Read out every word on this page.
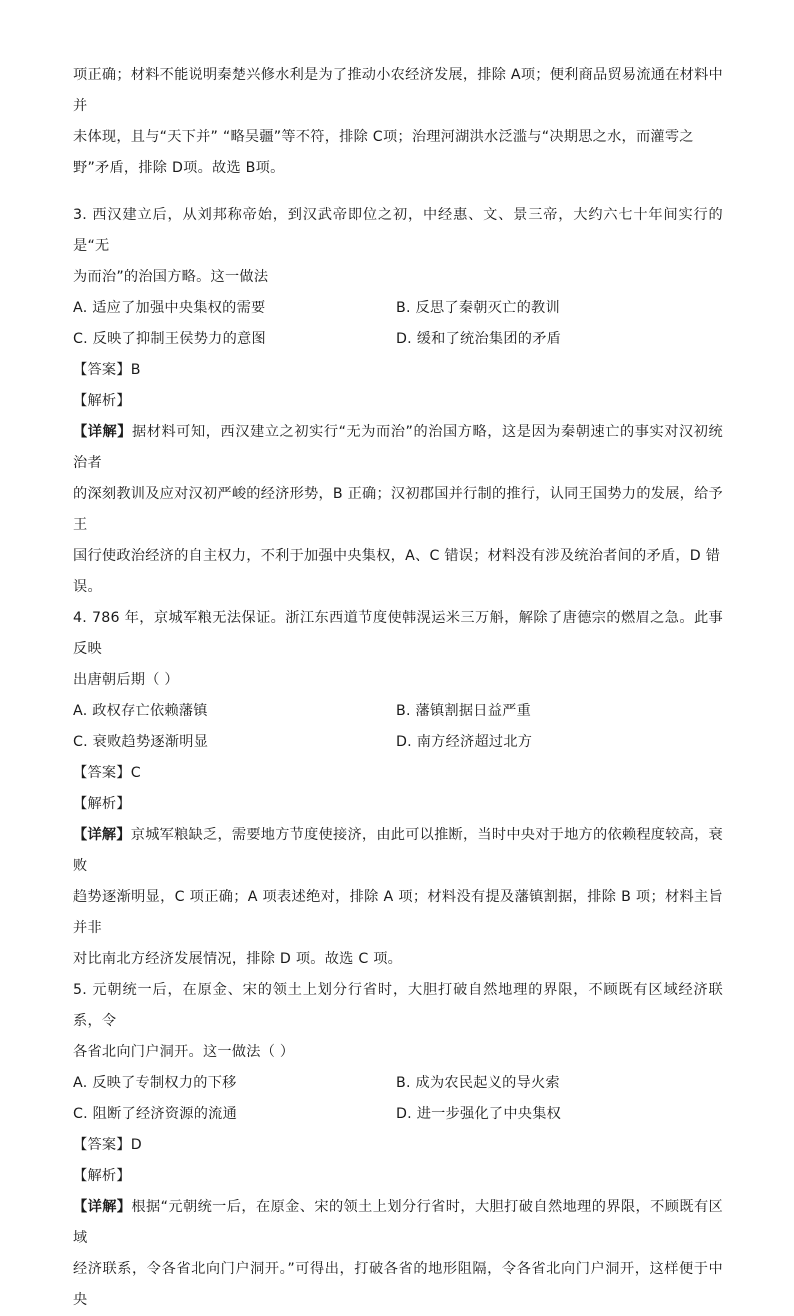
项正确；材料不能说明秦楚兴修水利是为了推动小农经济发展，排除 A项；便利商品贸易流通在材料中并

未体现，且与“天下并” “略吴疆”等不符，排除 C项；治理河湖洪水泛滥与“决期思之水，而灌雩之

野”矛盾，排除 D项。故选 B项。

3. 西汉建立后，从刘邦称帝始，到汉武帝即位之初，中经惠、文、景三帝，大约六七十年间实行的是“无

为而治”的治国方略。这一做法

A. 适应了加强中央集权的需要	B. 反思了秦朝灭亡的教训
C. 反映了抑制王侯势力的意图	D. 缓和了统治集团的矛盾

【答案】B

【解析】

【详解】据材料可知，西汉建立之初实行“无为而治”的治国方略，这是因为秦朝速亡的事实对汉初统治者

的深刻教训及应对汉初严峻的经济形势，B 正确；汉初郡国并行制的推行，认同王国势力的发展，给予王

国行使政治经济的自主权力，不利于加强中央集权，A、C 错误；材料没有涉及统治者间的矛盾，D 错

误。

4. 786 年，京城军粮无法保证。浙江东西道节度使韩滉运米三万斛，解除了唐德宗的燃眉之急。此事反映

出唐朝后期（ ）

A. 政权存亡依赖藩镇	B. 藩镇割据日益严重
C. 衰败趋势逐渐明显	D. 南方经济超过北方

【答案】C

【解析】

【详解】京城军粮缺乏，需要地方节度使接济，由此可以推断，当时中央对于地方的依赖程度较高，衰败

趋势逐渐明显，C 项正确；A 项表述绝对，排除 A 项；材料没有提及藩镇割据，排除 B 项；材料主旨并非

对比南北方经济发展情况，排除 D 项。故选 C 项。

5. 元朝统一后，在原金、宋的领土上划分行省时，大胆打破自然地理的界限，不顾既有区域经济联系，令

各省北向门户洞开。这一做法（ ）

A. 反映了专制权力的下移	B. 成为农民起义的导火索
C. 阻断了经济资源的流通	D. 进一步强化了中央集权

【答案】D

【解析】

【详解】根据“元朝统一后，在原金、宋的领土上划分行省时，大胆打破自然地理的界限，不顾既有区域

经济联系，令各省北向门户洞开。”可得出，打破各省的地形阻隔，令各省北向门户洞开，这样便于中央
